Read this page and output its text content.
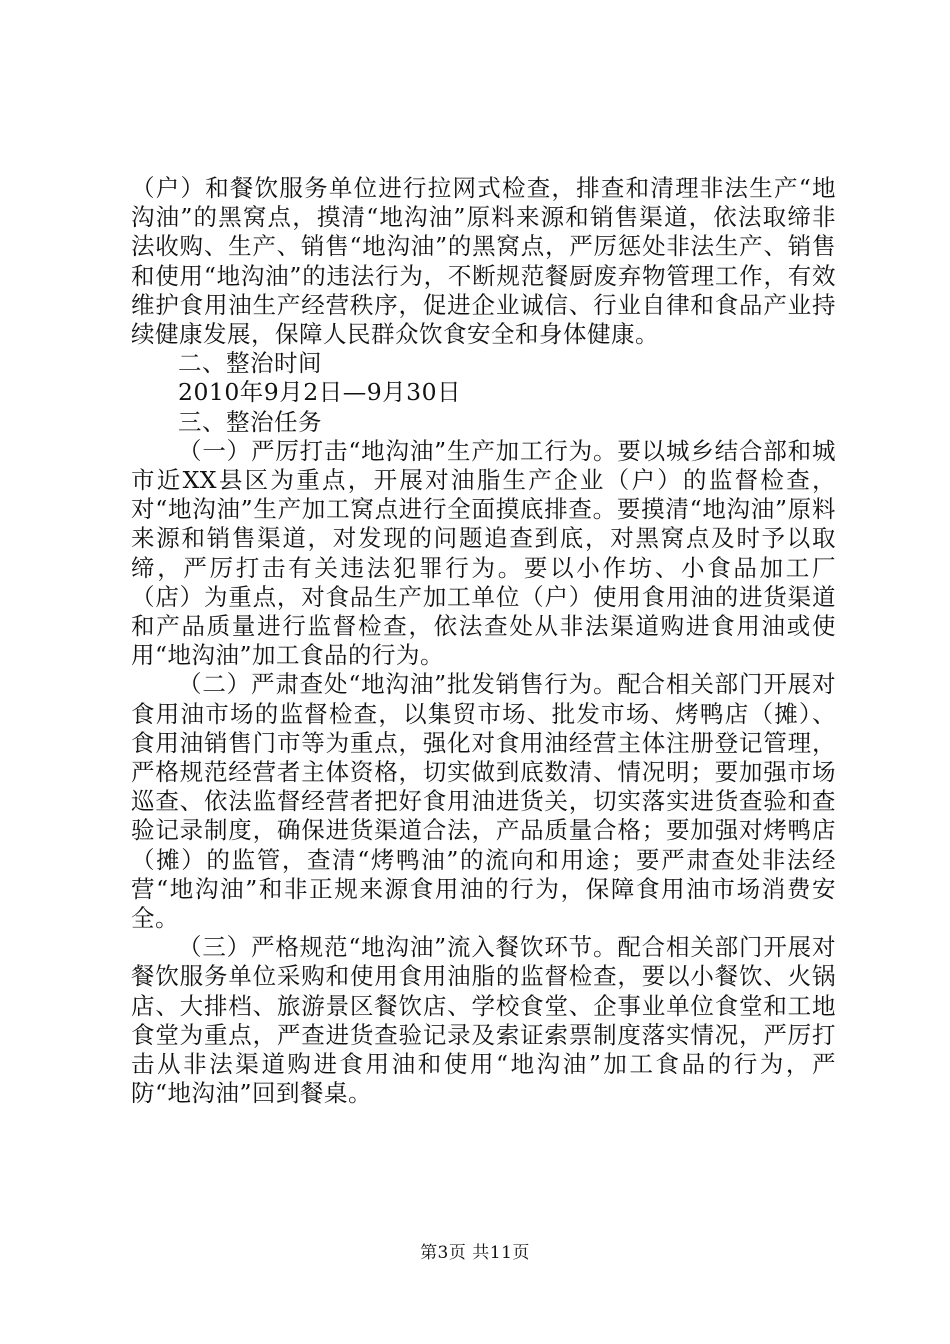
（户）和餐饮服务单位进行拉网式检查，排查和清理非法生产“地沟油”的黑窝点，摸清“地沟油”原料来源和销售渠道，依法取缔非法收购、生产、销售“地沟油”的黑窝点，严厉惩处非法生产、销售和使用“地沟油”的违法行为，不断规范餐厨废弃物管理工作，有效维护食用油生产经营秩序，促进企业诚信、行业自律和食品产业持续健康发展，保障人民群众饮食安全和身体健康。

二、整治时间

2010年9月2日—9月30日

三、整治任务

（一）严厉打击“地沟油”生产加工行为。要以城乡结合部和城市近XX县区为重点，开展对油脂生产企业（户）的监督检查，对“地沟油”生产加工窝点进行全面摸底排查。要摸清“地沟油”原料来源和销售渠道，对发现的问题追查到底，对黑窝点及时予以取缔，严厉打击有关违法犯罪行为。要以小作坊、小食品加工厂（店）为重点，对食品生产加工单位（户）使用食用油的进货渠道和产品质量进行监督检查，依法查处从非法渠道购进食用油或使用“地沟油”加工食品的行为。

（二）严肃查处“地沟油”批发销售行为。配合相关部门开展对食用油市场的监督检查，以集贸市场、批发市场、烤鸭店（摊）、食用油销售门市等为重点，强化对食用油经营主体注册登记管理，严格规范经营者主体资格，切实做到底数清、情况明；要加强市场巡查、依法监督经营者把好食用油进货关，切实落实进货查验和查验记录制度，确保进货渠道合法，产品质量合格；要加强对烤鸭店（摊）的监管，查清“烤鸭油”的流向和用途；要严肃查处非法经营“地沟油”和非正规来源食用油的行为，保障食用油市场消费安全。

（三）严格规范“地沟油”流入餐饮环节。配合相关部门开展对餐饮服务单位采购和使用食用油脂的监督检查，要以小餐饮、火锅店、大排档、旅游景区餐饮店、学校食堂、企事业单位食堂和工地食堂为重点，严查进货查验记录及索证索票制度落实情况，严厉打击从非法渠道购进食用油和使用“地沟油”加工食品的行为，严防“地沟油”回到餐桌。

第3页 共11页
